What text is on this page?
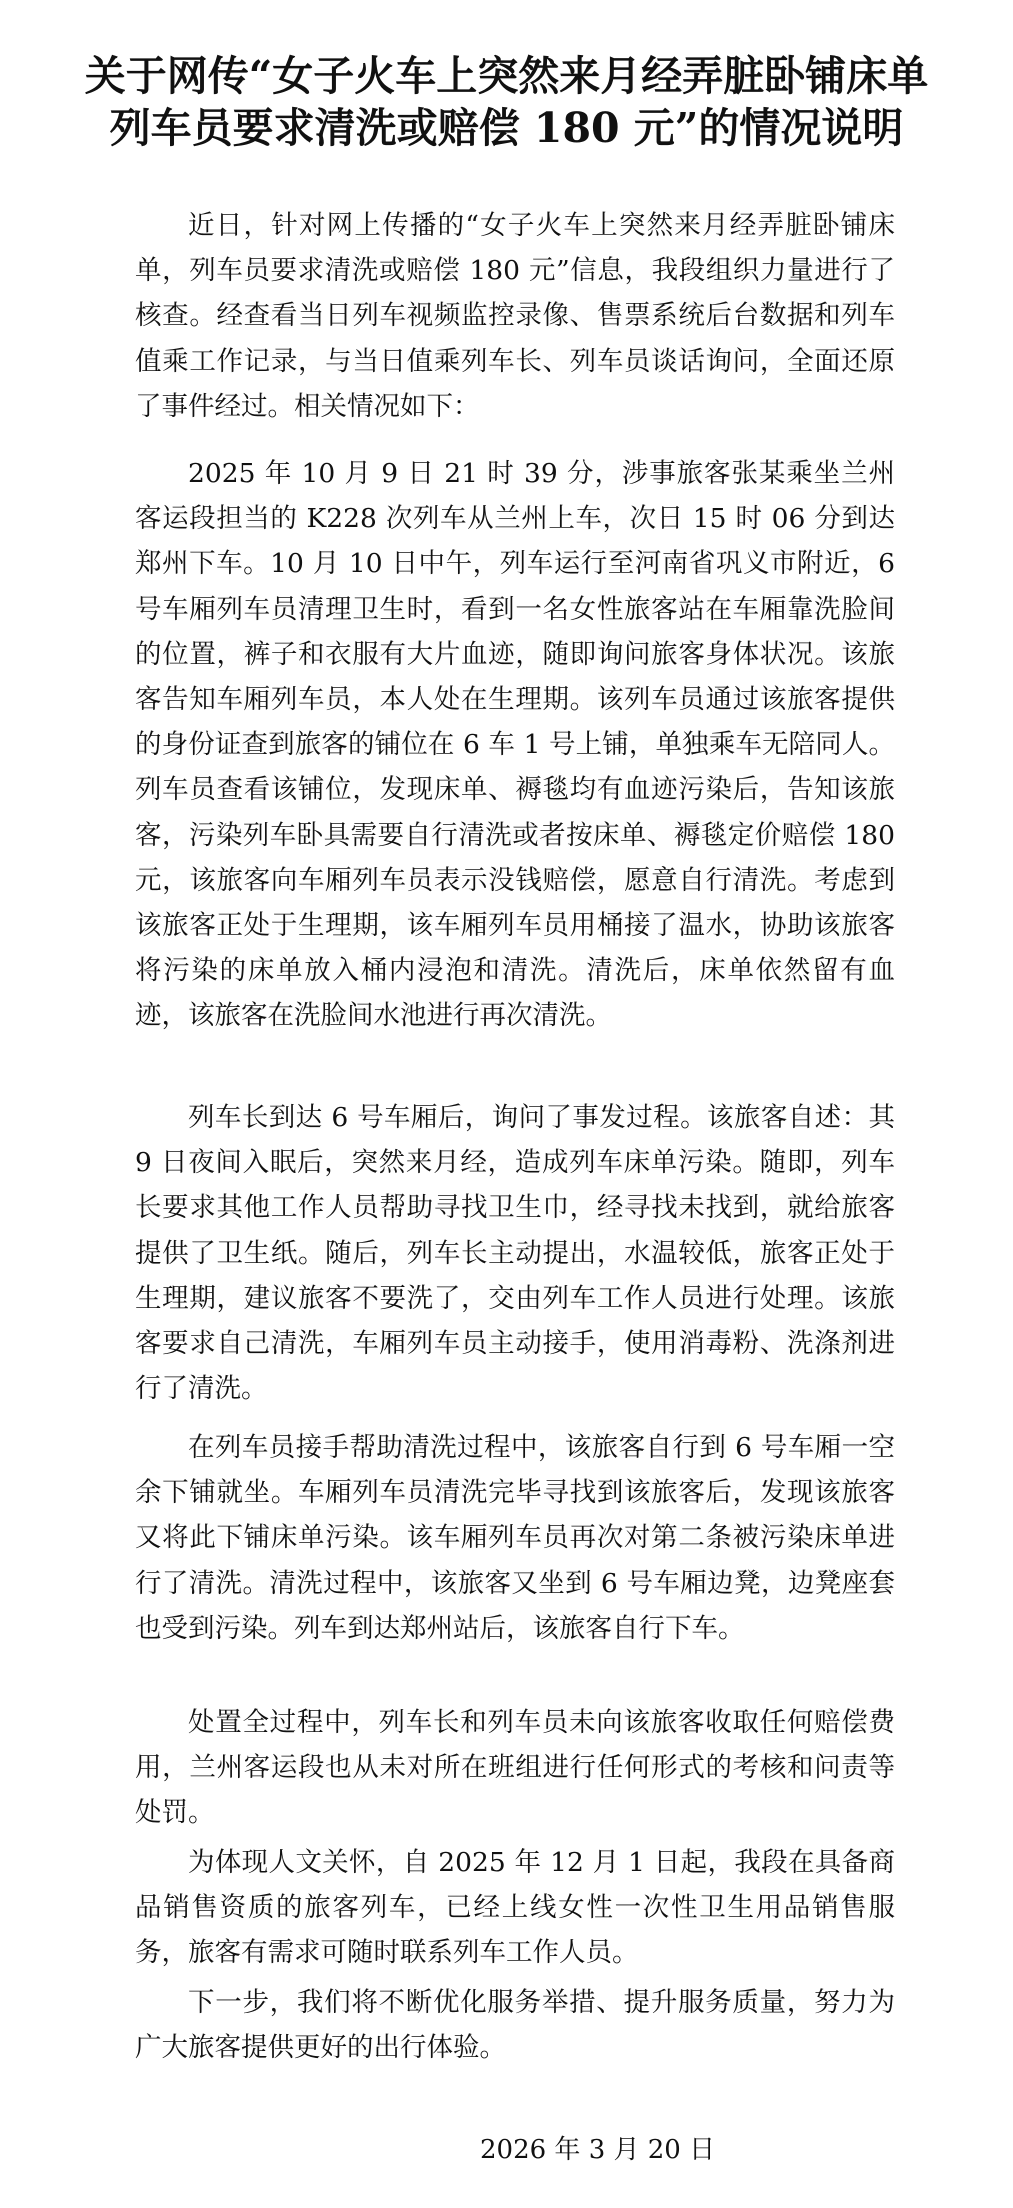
关于网传“女子火车上突然来月经弄脏卧铺床单
列车员要求清洗或赔偿 180 元”的情况说明

近日，针对网上传播的“女子火车上突然来月经弄脏卧铺床单，列车员要求清洗或赔偿 180 元”信息，我段组织力量进行了核查。经查看当日列车视频监控录像、售票系统后台数据和列车值乘工作记录，与当日值乘列车长、列车员谈话询问，全面还原了事件经过。相关情况如下：

2025 年 10 月 9 日 21 时 39 分，涉事旅客张某乘坐兰州客运段担当的 K228 次列车从兰州上车，次日 15 时 06 分到达郑州下车。10 月 10 日中午，列车运行至河南省巩义市附近，6 号车厢列车员清理卫生时，看到一名女性旅客站在车厢靠洗脸间的位置，裤子和衣服有大片血迹，随即询问旅客身体状况。该旅客告知车厢列车员，本人处在生理期。该列车员通过该旅客提供的身份证查到旅客的铺位在 6 车 1 号上铺，单独乘车无陪同人。列车员查看该铺位，发现床单、褥毯均有血迹污染后，告知该旅客，污染列车卧具需要自行清洗或者按床单、褥毯定价赔偿 180 元，该旅客向车厢列车员表示没钱赔偿，愿意自行清洗。考虑到该旅客正处于生理期，该车厢列车员用桶接了温水，协助该旅客将污染的床单放入桶内浸泡和清洗。清洗后，床单依然留有血迹，该旅客在洗脸间水池进行再次清洗。

列车长到达 6 号车厢后，询问了事发过程。该旅客自述：其 9 日夜间入眠后，突然来月经，造成列车床单污染。随即，列车长要求其他工作人员帮助寻找卫生巾，经寻找未找到，就给旅客提供了卫生纸。随后，列车长主动提出，水温较低，旅客正处于生理期，建议旅客不要洗了，交由列车工作人员进行处理。该旅客要求自己清洗，车厢列车员主动接手，使用消毒粉、洗涤剂进行了清洗。

在列车员接手帮助清洗过程中，该旅客自行到 6 号车厢一空余下铺就坐。车厢列车员清洗完毕寻找到该旅客后，发现该旅客又将此下铺床单污染。该车厢列车员再次对第二条被污染床单进行了清洗。清洗过程中，该旅客又坐到 6 号车厢边凳，边凳座套也受到污染。列车到达郑州站后，该旅客自行下车。

处置全过程中，列车长和列车员未向该旅客收取任何赔偿费用，兰州客运段也从未对所在班组进行任何形式的考核和问责等处罚。

为体现人文关怀，自 2025 年 12 月 1 日起，我段在具备商品销售资质的旅客列车，已经上线女性一次性卫生用品销售服务，旅客有需求可随时联系列车工作人员。

下一步，我们将不断优化服务举措、提升服务质量，努力为广大旅客提供更好的出行体验。

2026 年 3 月 20 日
